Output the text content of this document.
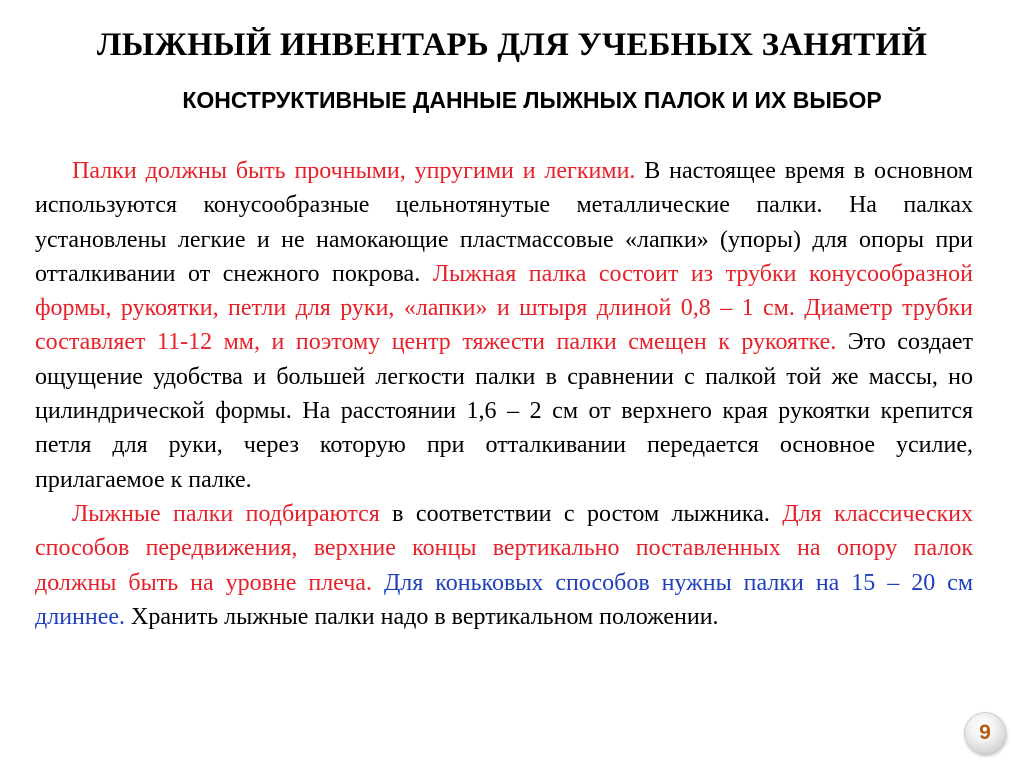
ЛЫЖНЫЙ ИНВЕНТАРЬ ДЛЯ УЧЕБНЫХ ЗАНЯТИЙ
КОНСТРУКТИВНЫЕ ДАННЫЕ ЛЫЖНЫХ ПАЛОК И ИХ ВЫБОР

Палки должны быть прочными, упругими и легкими. В настоящее время в основном используются конусообразные цельнотянутые металлические палки. На палках установлены легкие и не намокающие пластмассовые «лапки» (упоры) для опоры при отталкивании от снежного покрова. Лыжная палка состоит из трубки конусообразной формы, рукоятки, петли для руки, «лапки» и штыря длиной 0,8 – 1 см. Диаметр трубки составляет 11-12 мм, и поэтому центр тяжести палки смещен к рукоятке. Это создает ощущение удобства и большей легкости палки в сравнении с палкой той же массы, но цилиндрической формы. На расстоянии 1,6 – 2 см от верхнего края рукоятки крепится петля для руки, через которую при отталкивании передается основное усилие, прилагаемое к палке.

Лыжные палки подбираются в соответствии с ростом лыжника. Для классических способов передвижения, верхние концы вертикально поставленных на опору палок должны быть на уровне плеча. Для коньковых способов нужны палки на 15 – 20 см длиннее. Хранить лыжные палки надо в вертикальном положении.

9
